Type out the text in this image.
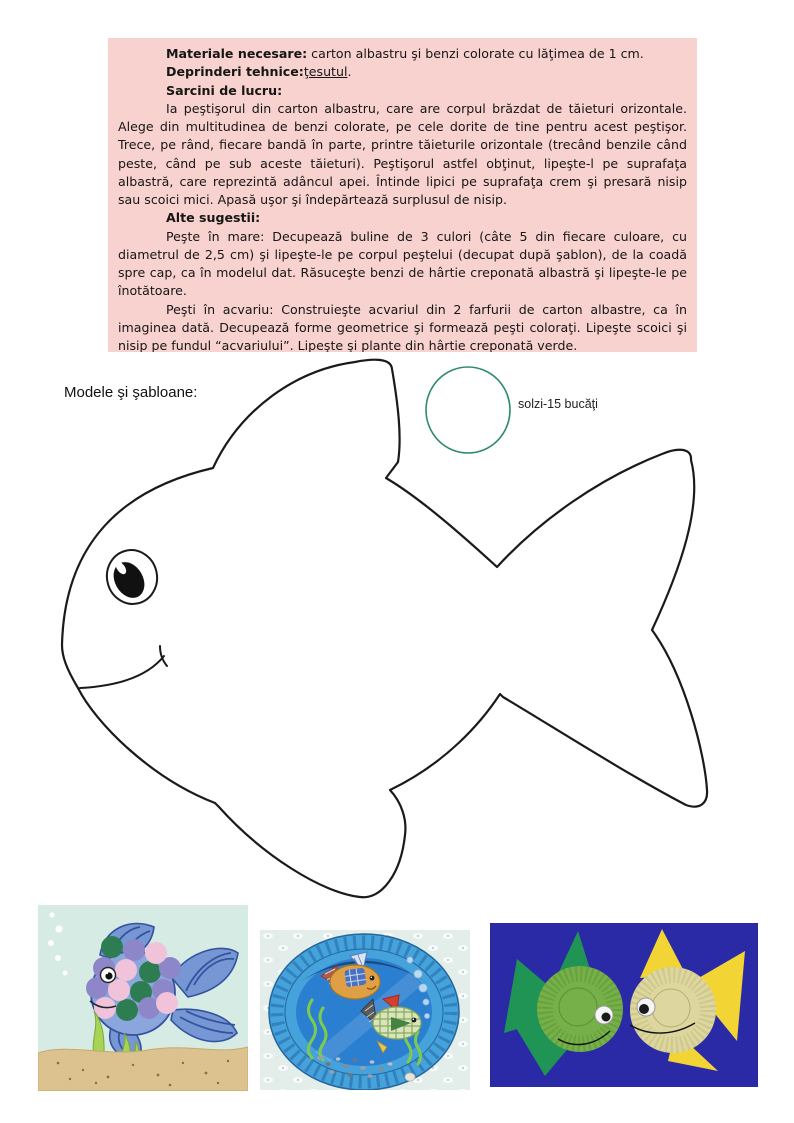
Materiale necesare: carton albastru şi benzi colorate cu lăţimea de 1 cm.

Deprinderi tehnice:ţesutul.

Sarcini de lucru:

Ia peştişorul din carton albastru, care are corpul brăzdat de tăieturi orizontale. Alege din multitudinea de benzi colorate, pe cele dorite de tine pentru acest peştişor. Trece, pe rând, fiecare bandă în parte, printre tăieturile orizontale (trecând benzile când peste, când pe sub aceste tăieturi). Peştişorul astfel obţinut, lipeşte-l pe suprafaţa albastră, care reprezintă adâncul apei. Întinde lipici pe suprafaţa crem şi presară nisip sau scoici mici. Apasă uşor şi îndepărtează surplusul de nisip.

Alte sugestii:

Peşte în mare: Decupează buline de 3 culori (câte 5 din fiecare culoare, cu diametrul de 2,5 cm) şi lipeşte-le pe corpul peştelui (decupat după şablon), de la coadă spre cap, ca în modelul dat. Răsuceşte benzi de hârtie creponată albastră şi lipeşte-le pe înotătoare.

Peşti în acvariu: Construieşte acvariul din 2 farfurii de carton albastre, ca în imaginea dată. Decupează forme geometrice şi formează peşti coloraţi. Lipeşte scoici şi nisip pe fundul “acvariului”. Lipeşte şi plante din hârtie creponată verde.

Modele şi şabloane:
solzi-15 bucăţi
